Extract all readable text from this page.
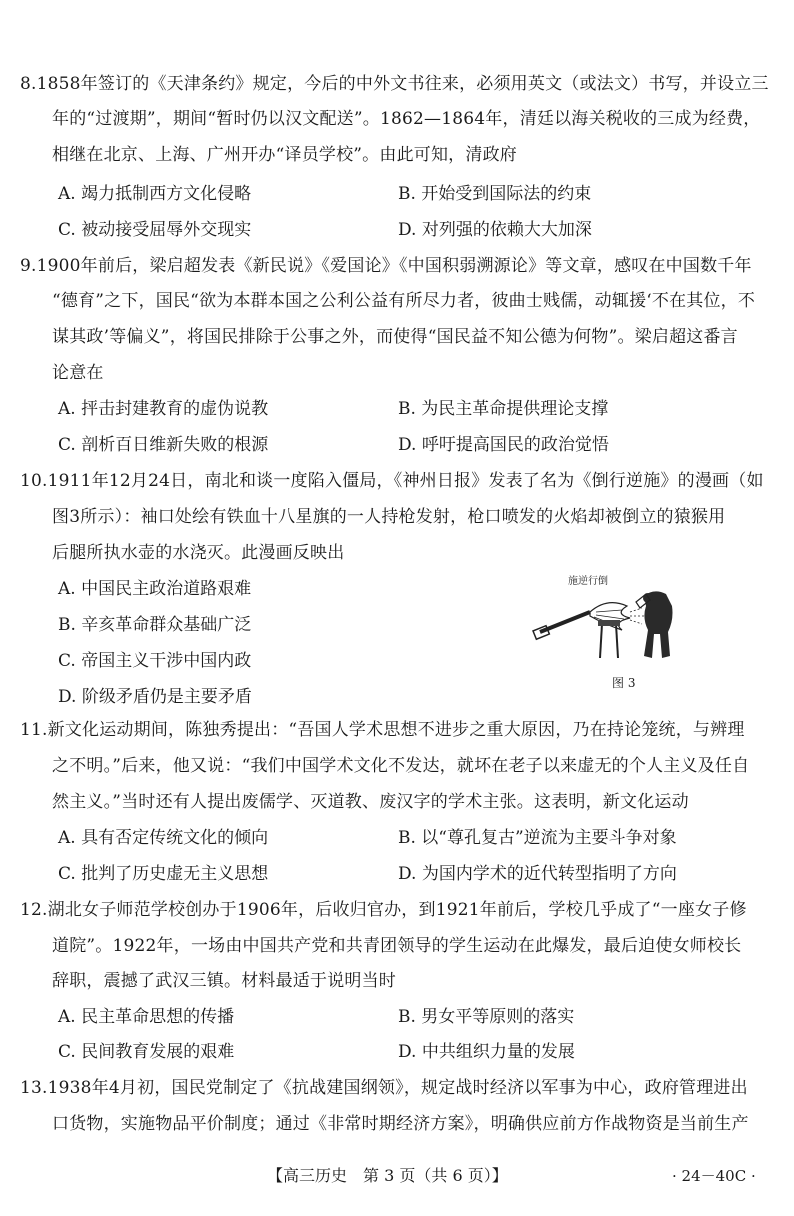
8.1858年签订的《天津条约》规定，今后的中外文书往来，必须用英文（或法文）书写，并设立三
年的“过渡期”，期间“暂时仍以汉文配送”。1862—1864年，清廷以海关税收的三成为经费，
相继在北京、上海、广州开办“译员学校”。由此可知，清政府
A. 竭力抵制西方文化侵略	B. 开始受到国际法的约束
C. 被动接受屈辱外交现实	D. 对列强的依赖大大加深
9.1900年前后，梁启超发表《新民说》《爱国论》《中国积弱溯源论》等文章，感叹在中国数千年
“德育”之下，国民“欲为本群本国之公利公益有所尽力者，彼曲士贱儒，动辄援‘不在其位，不
谋其政’等偏义”，将国民排除于公事之外，而使得“国民益不知公德为何物”。梁启超这番言
论意在
A. 抨击封建教育的虚伪说教	B. 为民主革命提供理论支撑
C. 剖析百日维新失败的根源	D. 呼吁提高国民的政治觉悟
10.1911年12月24日，南北和谈一度陷入僵局，《神州日报》发表了名为《倒行逆施》的漫画（如
图3所示）：袖口处绘有铁血十八星旗的一人持枪发射，枪口喷发的火焰却被倒立的猿猴用
后腿所执水壶的水浇灭。此漫画反映出
A. 中国民主政治道路艰难
B. 辛亥革命群众基础广泛
C. 帝国主义干涉中国内政
D. 阶级矛盾仍是主要矛盾
施逆行倒
图 3
11.新文化运动期间，陈独秀提出：“吾国人学术思想不进步之重大原因，乃在持论笼统，与辨理
之不明。”后来，他又说：“我们中国学术文化不发达，就坏在老子以来虚无的个人主义及任自
然主义。”当时还有人提出废儒学、灭道教、废汉字的学术主张。这表明，新文化运动
A. 具有否定传统文化的倾向	B. 以“尊孔复古”逆流为主要斗争对象
C. 批判了历史虚无主义思想	D. 为国内学术的近代转型指明了方向
12.湖北女子师范学校创办于1906年，后收归官办，到1921年前后，学校几乎成了“一座女子修
道院”。1922年，一场由中国共产党和共青团领导的学生运动在此爆发，最后迫使女师校长
辞职，震撼了武汉三镇。材料最适于说明当时
A. 民主革命思想的传播	B. 男女平等原则的落实
C. 民间教育发展的艰难	D. 中共组织力量的发展
13.1938年4月初，国民党制定了《抗战建国纲领》，规定战时经济以军事为中心，政府管理进出
口货物，实施物品平价制度；通过《非常时期经济方案》，明确供应前方作战物资是当前生产
【高三历史　第 3 页（共 6 页）】	· 24－40C ·
